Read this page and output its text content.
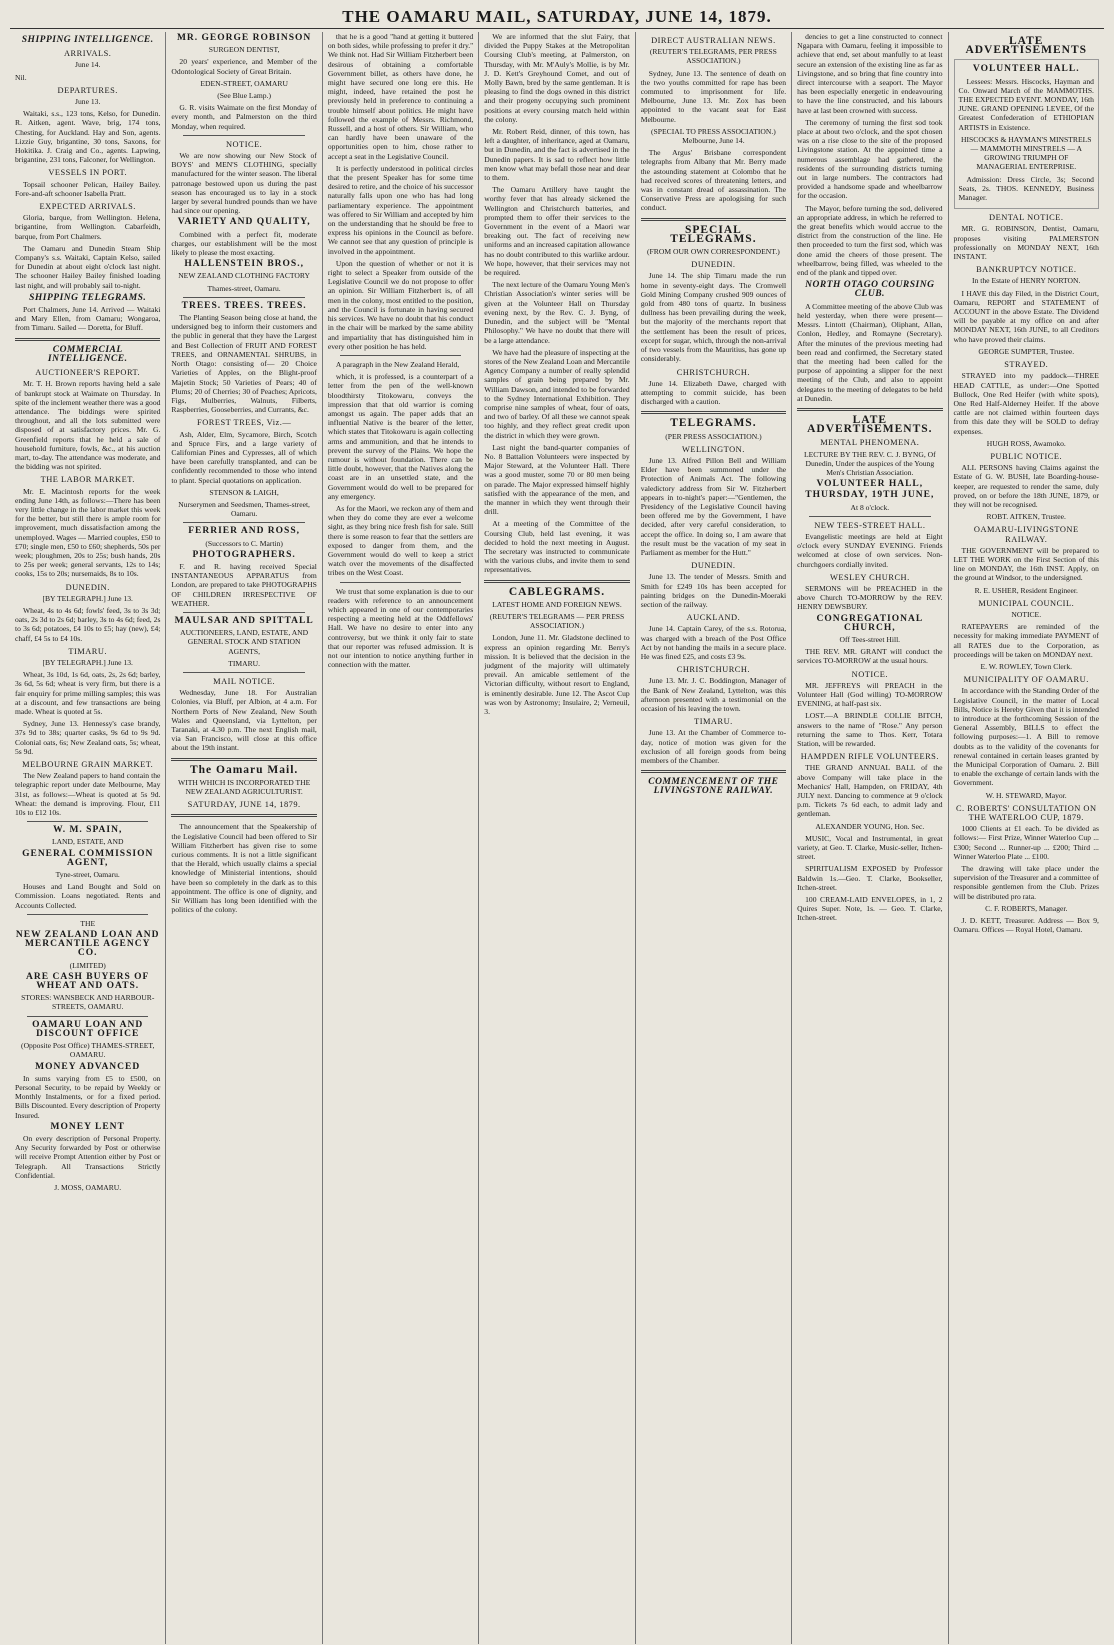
THE OAMARU MAIL, SATURDAY, JUNE 14, 1879.
SHIPPING INTELLIGENCE.
ARRIVALS.

June 14.

Nil.

DEPARTURES.

June 13.

Waitaki, s.s., 123 tons, Kelso, for Dunedin. R. Aitken, agent. Wave, brig, 174 tons, Chesting, for Auckland. Hay and Son, agents. Lizzie Guy, brigantine, 30 tons, Saxons, for Hokitika. J. Craig and Co., agents. Lapwing, brigantine, 231 tons, Falconer, for Wellington.

VESSELS IN PORT.

Topsail schooner Pelican, Hailey Bailey. Fore-and-aft schooner Isabella Pratt.

EXPECTED ARRIVALS.

Gloria, barque, from Wellington. Helena, brigantine, from Wellington. Cabarfeidh, barque, from Port Chalmers.

The Oamaru and Dunedin Steam Ship Company's s.s. Waitaki, Captain Kelso, sailed for Dunedin at about eight o'clock last night. The schooner Hailey Bailey finished loading last night, and will probably sail to-night.

SHIPPING TELEGRAMS.

Port Chalmers, June 14. Arrived — Waitaki and Mary Ellen, from Oamaru; Wongaroa, from Timaru. Sailed — Doretta, for Bluff.

COMMERCIAL INTELLIGENCE.
AUCTIONEER'S REPORT.

Mr. T. H. Brown reports having held a sale of bankrupt stock at Waimate on Thursday. In spite of the inclement weather there was a good attendance. The biddings were spirited throughout, and all the lots submitted were disposed of at satisfactory prices. Mr. G. Greenfield reports that he held a sale of household furniture, fowls, &c., at his auction mart, to-day. The attendance was moderate, and the bidding was not spirited.

THE LABOR MARKET.

Mr. E. Macintosh reports for the week ending June 14th, as follows:—There has been very little change in the labor market this week for the better, but still there is ample room for improvement, much dissatisfaction among the unemployed. Wages — Married couples, £50 to £70; single men, £50 to £60; shepherds, 50s per week; ploughmen, 20s to 25s; bush hands, 20s to 25s per week; general servants, 12s to 14s; cooks, 15s to 20s; nursemaids, 8s to 10s.

DUNEDIN.

[BY TELEGRAPH.] June 13.

Wheat, 4s to 4s 6d; fowls' feed, 3s to 3s 3d; oats, 2s 3d to 2s 6d; barley, 3s to 4s 6d; feed, 2s to 3s 6d; potatoes, £4 10s to £5; hay (new), £4; chaff, £4 5s to £4 10s.

TIMARU.

[BY TELEGRAPH.] June 13.

Wheat, 3s 10d, 1s 6d, oats, 2s, 2s 6d; barley, 3s 6d, 5s 6d; wheat is very firm, but there is a fair enquiry for prime milling samples; this was at a discount, and few transactions are being made. Wheat is quoted at 5s.

Sydney, June 13. Hennessy's case brandy, 37s 9d to 38s; quarter casks, 9s 6d to 9s 9d. Colonial oats, 6s; New Zealand oats, 5s; wheat, 5s 9d.

MELBOURNE GRAIN MARKET.

The New Zealand papers to hand contain the telegraphic report under date Melbourne, May 31st, as follows:—Wheat is quoted at 5s 9d. Wheat: the demand is improving. Flour, £11 10s to £12 10s.

W. M. SPAIN,

LAND, ESTATE, AND

GENERAL COMMISSION AGENT,

Tyne-street, Oamaru.

Houses and Land Bought and Sold on Commission. Loans negotiated. Rents and Accounts Collected.

THE

NEW ZEALAND LOAN AND MERCANTILE AGENCY CO.

(LIMITED)

ARE CASH BUYERS OF WHEAT AND OATS.

STORES: WANSBECK AND HARBOUR-STREETS, OAMARU.

OAMARU LOAN AND DISCOUNT OFFICE

(Opposite Post Office) THAMES-STREET, OAMARU.

MONEY ADVANCED

In sums varying from £5 to £500, on Personal Security, to be repaid by Weekly or Monthly Instalments, or for a fixed period. Bills Discounted. Every description of Property Insured.

MONEY LENT

On every description of Personal Property. Any Security forwarded by Post or otherwise will receive Prompt Attention either by Post or Telegraph. All Transactions Strictly Confidential.

J. MOSS, OAMARU.

MR. GEORGE ROBINSON

SURGEON DENTIST,

20 years' experience, and Member of the Odontological Society of Great Britain.

EDEN-STREET, OAMARU

(See Blue Lamp.)

G. R. visits Waimate on the first Monday of every month, and Palmerston on the third Monday, when required.

NOTICE.

We are now showing our New Stock of BOYS' and MEN'S CLOTHING, specially manufactured for the winter season. The liberal patronage bestowed upon us during the past season has encouraged us to lay in a stock larger by several hundred pounds than we have had since our opening.

VARIETY AND QUALITY,

Combined with a perfect fit, moderate charges, our establishment will be the most likely to please the most exacting.

HALLENSTEIN BROS.,

NEW ZEALAND CLOTHING FACTORY

Thames-street, Oamaru.

TREES. TREES. TREES.

The Planting Season being close at hand, the undersigned beg to inform their customers and the public in general that they have the Largest and Best Collection of FRUIT AND FOREST TREES, and ORNAMENTAL SHRUBS, in North Otago: consisting of— 20 Choice Varieties of Apples, on the Blight-proof Majetin Stock; 50 Varieties of Pears; 40 of Plums; 20 of Cherries; 30 of Peaches; Apricots, Figs, Mulberries, Walnuts, Filberts, Raspberries, Gooseberries, and Currants, &c.

FOREST TREES, Viz.—

Ash, Alder, Elm, Sycamore, Birch, Scotch and Spruce Firs, and a large variety of Californian Pines and Cypresses, all of which have been carefully transplanted, and can be confidently recommended to those who intend to plant. Special quotations on application.

STENSON & LAIGH,

Nurserymen and Seedsmen, Thames-street, Oamaru.

FERRIER AND ROSS,

(Successors to C. Martin)

PHOTOGRAPHERS.

F. and R. having received Special INSTANTANEOUS APPARATUS from London, are prepared to take PHOTOGRAPHS OF CHILDREN IRRESPECTIVE OF WEATHER.

MAULSAR AND SPITTALL

AUCTIONEERS, LAND, ESTATE, AND GENERAL STOCK AND STATION AGENTS,

TIMARU.

MAIL NOTICE.

Wednesday, June 18. For Australian Colonies, via Bluff, per Albion, at 4 a.m. For Northern Ports of New Zealand, New South Wales and Queensland, via Lyttelton, per Taranaki, at 4.30 p.m. The next English mail, via San Francisco, will close at this office about the 19th instant.

The Oamaru Mail.

WITH WHICH IS INCORPORATED THE NEW ZEALAND AGRICULTURIST.

SATURDAY, JUNE 14, 1879.

The announcement that the Speakership of the Legislative Council had been offered to Sir William Fitzherbert has given rise to some curious comments. It is not a little significant that the Herald, which usually claims a special knowledge of Ministerial intentions, should have been so completely in the dark as to this appointment. The office is one of dignity, and Sir William has long been identified with the politics of the colony.

that he is a good "hand at getting it buttered on both sides, while professing to prefer it dry." We think not. Had Sir William Fitzherbert been desirous of obtaining a comfortable Government billet, as others have done, he might have secured one long ere this. He might, indeed, have retained the post he previously held in preference to continuing a trouble himself about politics. He might have followed the example of Messrs. Richmond, Russell, and a host of others. Sir William, who can hardly have been unaware of the opportunities open to him, chose rather to accept a seat in the Legislative Council.

It is perfectly understood in political circles that the present Speaker has for some time desired to retire, and the choice of his successor naturally falls upon one who has had long parliamentary experience. The appointment was offered to Sir William and accepted by him on the understanding that he should be free to express his opinions in the Council as before. We cannot see that any question of principle is involved in the appointment.

Upon the question of whether or not it is right to select a Speaker from outside of the Legislative Council we do not propose to offer an opinion. Sir William Fitzherbert is, of all men in the colony, most entitled to the position, and the Council is fortunate in having secured his services. We have no doubt that his conduct in the chair will be marked by the same ability and impartiality that has distinguished him in every other position he has held.

A paragraph in the New Zealand Herald,

which, it is professed, is a counterpart of a letter from the pen of the well-known bloodthirsty Titokowaru, conveys the impression that that old warrior is coming amongst us again. The paper adds that an influential Native is the bearer of the letter, which states that Titokowaru is again collecting arms and ammunition, and that he intends to prevent the survey of the Plains. We hope the rumour is without foundation. There can be little doubt, however, that the Natives along the coast are in an unsettled state, and the Government would do well to be prepared for any emergency.

As for the Maori, we reckon any of them and when they do come they are ever a welcome sight, as they bring nice fresh fish for sale. Still there is some reason to fear that the settlers are exposed to danger from them, and the Government would do well to keep a strict watch over the movements of the disaffected tribes on the West Coast.

We trust that some explanation is due to our readers with reference to an announcement which appeared in one of our contemporaries respecting a meeting held at the Oddfellows' Hall. We have no desire to enter into any controversy, but we think it only fair to state that our reporter was refused admission. It is not our intention to notice anything further in connection with the matter.

We are informed that the slut Fairy, that divided the Puppy Stakes at the Metropolitan Coursing Club's meeting, at Palmerston, on Thursday, with Mr. M'Auly's Mollie, is by Mr. J. D. Kett's Greyhound Comet, and out of Molly Bawn, bred by the same gentleman. It is pleasing to find the dogs owned in this district and their progeny occupying such prominent positions at every coursing match held within the colony.

Mr. Robert Reid, dinner, of this town, has left a daughter, of inheritance, aged at Oamaru, but in Dunedin, and the fact is advertised in the Dunedin papers. It is sad to reflect how little men know what may befall those near and dear to them.

The Oamaru Artillery have taught the worthy fever that has already sickened the Wellington and Christchurch batteries, and prompted them to offer their services to the Government in the event of a Maori war breaking out. The fact of receiving new uniforms and an increased capitation allowance has no doubt contributed to this warlike ardour. We hope, however, that their services may not be required.

The next lecture of the Oamaru Young Men's Christian Association's winter series will be given at the Volunteer Hall on Thursday evening next, by the Rev. C. J. Byng, of Dunedin, and the subject will be "Mental Philosophy." We have no doubt that there will be a large attendance.

We have had the pleasure of inspecting at the stores of the New Zealand Loan and Mercantile Agency Company a number of really splendid samples of grain being prepared by Mr. William Dawson, and intended to be forwarded to the Sydney International Exhibition. They comprise nine samples of wheat, four of oats, and two of barley. Of all these we cannot speak too highly, and they reflect great credit upon the district in which they were grown.

Last night the band-quarter companies of No. 8 Battalion Volunteers were inspected by Major Steward, at the Volunteer Hall. There was a good muster, some 70 or 80 men being on parade. The Major expressed himself highly satisfied with the appearance of the men, and the manner in which they went through their drill.

At a meeting of the Committee of the Coursing Club, held last evening, it was decided to hold the next meeting in August. The secretary was instructed to communicate with the various clubs, and invite them to send representatives.

CABLEGRAMS.

LATEST HOME AND FOREIGN NEWS.

(REUTER'S TELEGRAMS — PER PRESS ASSOCIATION.)

London, June 11. Mr. Gladstone declined to express an opinion regarding Mr. Berry's mission. It is believed that the decision in the judgment of the majority will ultimately prevail. An amicable settlement of the Victorian difficulty, without resort to England, is eminently desirable. June 12. The Ascot Cup was won by Astronomy; Insulaire, 2; Verneuil, 3.

DIRECT AUSTRALIAN NEWS.

(REUTER'S TELEGRAMS, PER PRESS ASSOCIATION.)

Sydney, June 13. The sentence of death on the two youths committed for rape has been commuted to imprisonment for life. Melbourne, June 13. Mr. Zox has been appointed to the vacant seat for East Melbourne.

(SPECIAL TO PRESS ASSOCIATION.) Melbourne, June 14.

The Argus' Brisbane correspondent telegraphs from Albany that Mr. Berry made the astounding statement at Colombo that he had received scores of threatening letters, and was in constant dread of assassination. The Conservative Press are apologising for such conduct.

SPECIAL TELEGRAMS.

(FROM OUR OWN CORRESPONDENT.)

DUNEDIN.

June 14. The ship Timaru made the run home in seventy-eight days. The Cromwell Gold Mining Company crushed 909 ounces of gold from 480 tons of quartz. In business dullness has been prevailing during the week, but the majority of the merchants report that the settlement has been the result of prices, except for sugar, which, through the non-arrival of two vessels from the Mauritius, has gone up considerably.

CHRISTCHURCH.

June 14. Elizabeth Dawe, charged with attempting to commit suicide, has been discharged with a caution.

TELEGRAMS.

(PER PRESS ASSOCIATION.)

WELLINGTON.

June 13. Alfred Pillon Bell and William Elder have been summoned under the Protection of Animals Act. The following valedictory address from Sir W. Fitzherbert appears in to-night's paper:—"Gentlemen, the Presidency of the Legislative Council having been offered me by the Government, I have decided, after very careful consideration, to accept the office. In doing so, I am aware that the result must be the vacation of my seat in Parliament as member for the Hutt."

DUNEDIN.

June 13. The tender of Messrs. Smith and Smith for £249 10s has been accepted for painting bridges on the Dunedin-Moeraki section of the railway.

AUCKLAND.

June 14. Captain Carey, of the s.s. Rotorua, was charged with a breach of the Post Office Act by not handing the mails in a secure place. He was fined £25, and costs £3 9s.

CHRISTCHURCH.

June 13. Mr. J. C. Boddington, Manager of the Bank of New Zealand, Lyttelton, was this afternoon presented with a testimonial on the occasion of his leaving the town.

TIMARU.

June 13. At the Chamber of Commerce to-day, notice of motion was given for the exclusion of all foreign goods from being members of the Chamber.

COMMENCEMENT OF THE LIVINGSTONE RAILWAY.

dencies to get a line constructed to connect Ngapara with Oamaru, feeling it impossible to achieve that end, set about manfully to at least secure an extension of the existing line as far as Livingstone, and so bring that fine country into direct intercourse with a seaport. The Mayor has been especially energetic in endeavouring to have the line constructed, and his labours have at last been crowned with success.

The ceremony of turning the first sod took place at about two o'clock, and the spot chosen was on a rise close to the site of the proposed Livingstone station. At the appointed time a numerous assemblage had gathered, the residents of the surrounding districts turning out in large numbers. The contractors had provided a handsome spade and wheelbarrow for the occasion.

The Mayor, before turning the sod, delivered an appropriate address, in which he referred to the great benefits which would accrue to the district from the construction of the line. He then proceeded to turn the first sod, which was done amid the cheers of those present. The wheelbarrow, being filled, was wheeled to the end of the plank and tipped over.

NORTH OTAGO COURSING CLUB.

A Committee meeting of the above Club was held yesterday, when there were present—Messrs. Lintott (Chairman), Oliphant, Allan, Conlon, Hedley, and Romayne (Secretary). After the minutes of the previous meeting had been read and confirmed, the Secretary stated that the meeting had been called for the purpose of appointing a slipper for the next meeting of the Club, and also to appoint delegates to the meeting of delegates to be held at Dunedin.

LATE ADVERTISEMENTS.
MENTAL PHENOMENA.

LECTURE BY THE REV. C. J. BYNG, Of Dunedin, Under the auspices of the Young Men's Christian Association.

VOLUNTEER HALL,
THURSDAY, 19TH JUNE,

At 8 o'clock.

NEW TEES-STREET HALL.

Evangelistic meetings are held at Eight o'clock every SUNDAY EVENING. Friends welcomed at close of own services. Non-churchgoers cordially invited.

WESLEY CHURCH.

SERMONS will be PREACHED in the above Church TO-MORROW by the REV. HENRY DEWSBURY.

CONGREGATIONAL CHURCH,

Off Tees-street Hill.

THE REV. MR. GRANT will conduct the services TO-MORROW at the usual hours.

NOTICE.

MR. JEFFREYS will PREACH in the Volunteer Hall (God willing) TO-MORROW EVENING, at half-past six.

LOST.—A BRINDLE COLLIE BITCH, answers to the name of "Rose." Any person returning the same to Thos. Kerr, Totara Station, will be rewarded.

HAMPDEN RIFLE VOLUNTEERS.

THE GRAND ANNUAL BALL of the above Company will take place in the Mechanics' Hall, Hampden, on FRIDAY, 4th JULY next. Dancing to commence at 9 o'clock p.m. Tickets 7s 6d each, to admit lady and gentleman.

ALEXANDER YOUNG, Hon. Sec.

MUSIC, Vocal and Instrumental, in great variety, at Geo. T. Clarke, Music-seller, Itchen-street.

SPIRITUALISM EXPOSED by Professor Baldwin 1s.—Geo. T. Clarke, Bookseller, Itchen-street.

100 CREAM-LAID ENVELOPES, in 1, 2 Quires Super. Note, 1s. — Geo. T. Clarke, Itchen-street.

LATE ADVERTISEMENTS
VOLUNTEER HALL.

Lessees: Messrs. Hiscocks, Hayman and Co. Onward March of the MAMMOTHS. THE EXPECTED EVENT. MONDAY, 16th JUNE. GRAND OPENING LEVEE, Of the Greatest Confederation of ETHIOPIAN ARTISTS in Existence.

HISCOCKS & HAYMAN'S MINSTRELS — MAMMOTH MINSTRELS — A GROWING TRIUMPH OF MANAGERIAL ENTERPRISE.

Admission: Dress Circle, 3s; Second Seats, 2s. THOS. KENNEDY, Business Manager.

DENTAL NOTICE.

MR. G. ROBINSON, Dentist, Oamaru, proposes visiting PALMERSTON professionally on MONDAY NEXT, 16th INSTANT.

BANKRUPTCY NOTICE.

In the Estate of HENRY NORTON.

I HAVE this day Filed, in the District Court, Oamaru, REPORT and STATEMENT of ACCOUNT in the above Estate. The Dividend will be payable at my office on and after MONDAY NEXT, 16th JUNE, to all Creditors who have proved their claims.

GEORGE SUMPTER, Trustee.

STRAYED.

STRAYED into my paddock—THREE HEAD CATTLE, as under:—One Spotted Bullock, One Red Heifer (with white spots), One Red Half-Alderney Heifer. If the above cattle are not claimed within fourteen days from this date they will be SOLD to defray expenses.

HUGH ROSS, Awamoko.

PUBLIC NOTICE.

ALL PERSONS having Claims against the Estate of G. W. BUSH, late Boarding-house-keeper, are requested to render the same, duly proved, on or before the 18th JUNE, 1879, or they will not be recognised.

ROBT. AITKEN, Trustee.

OAMARU-LIVINGSTONE RAILWAY.

THE GOVERNMENT will be prepared to LET THE WORK on the First Section of this line on MONDAY, the 16th INST. Apply, on the ground at Windsor, to the undersigned.

R. E. USHER, Resident Engineer.

MUNICIPAL COUNCIL.

NOTICE.

RATEPAYERS are reminded of the necessity for making immediate PAYMENT of all RATES due to the Corporation, as proceedings will be taken on MONDAY next.

E. W. ROWLEY, Town Clerk.

MUNICIPALITY OF OAMARU.

In accordance with the Standing Order of the Legislative Council, in the matter of Local Bills, Notice is Hereby Given that it is intended to introduce at the forthcoming Session of the General Assembly, BILLS to effect the following purposes:—1. A Bill to remove doubts as to the validity of the covenants for renewal contained in certain leases granted by the Municipal Corporation of Oamaru. 2. Bill to enable the exchange of certain lands with the Government.

W. H. STEWARD, Mayor.

C. ROBERTS' CONSULTATION ON THE WATERLOO CUP, 1879.

1000 Clients at £1 each. To be divided as follows:— First Prize, Winner Waterloo Cup ... £300; Second ... Runner-up ... £200; Third ... Winner Waterloo Plate ... £100.

The drawing will take place under the supervision of the Treasurer and a committee of responsible gentlemen from the Club. Prizes will be distributed pro rata.

C. F. ROBERTS, Manager.

J. D. KETT, Treasurer. Address — Box 9, Oamaru. Offices — Royal Hotel, Oamaru.
